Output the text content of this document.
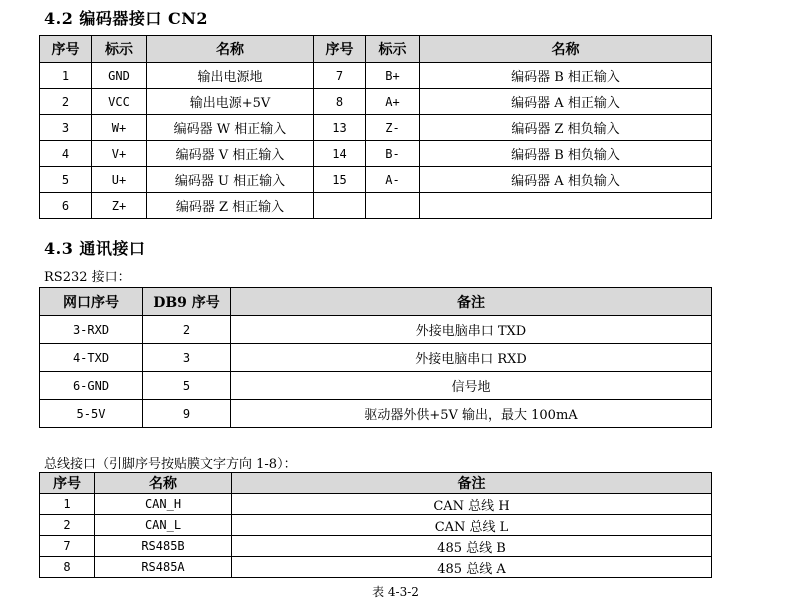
4.2 编码器接口 CN2
序号	标示	名称	序号	标示	名称
1	GND	输出电源地	7	B+	编码器 B 相正输入
2	VCC	输出电源+5V	8	A+	编码器 A 相正输入
3	W+	编码器 W 相正输入	13	Z-	编码器 Z 相负输入
4	V+	编码器 V 相正输入	14	B-	编码器 B 相负输入
5	U+	编码器 U 相正输入	15	A-	编码器 A 相负输入
6	Z+	编码器 Z 相正输入			
4.3 通讯接口
RS232 接口：
网口序号	DB9 序号	备注
3-RXD	2	外接电脑串口 TXD
4-TXD	3	外接电脑串口 RXD
6-GND	5	信号地
5-5V	9	驱动器外供+5V 输出，最大 100mA
总线接口（引脚序号按贴膜文字方向 1-8）：
序号	名称	备注
1	CAN_H	CAN 总线 H
2	CAN_L	CAN 总线 L
7	RS485B	485 总线 B
8	RS485A	485 总线 A
表 4-3-2
